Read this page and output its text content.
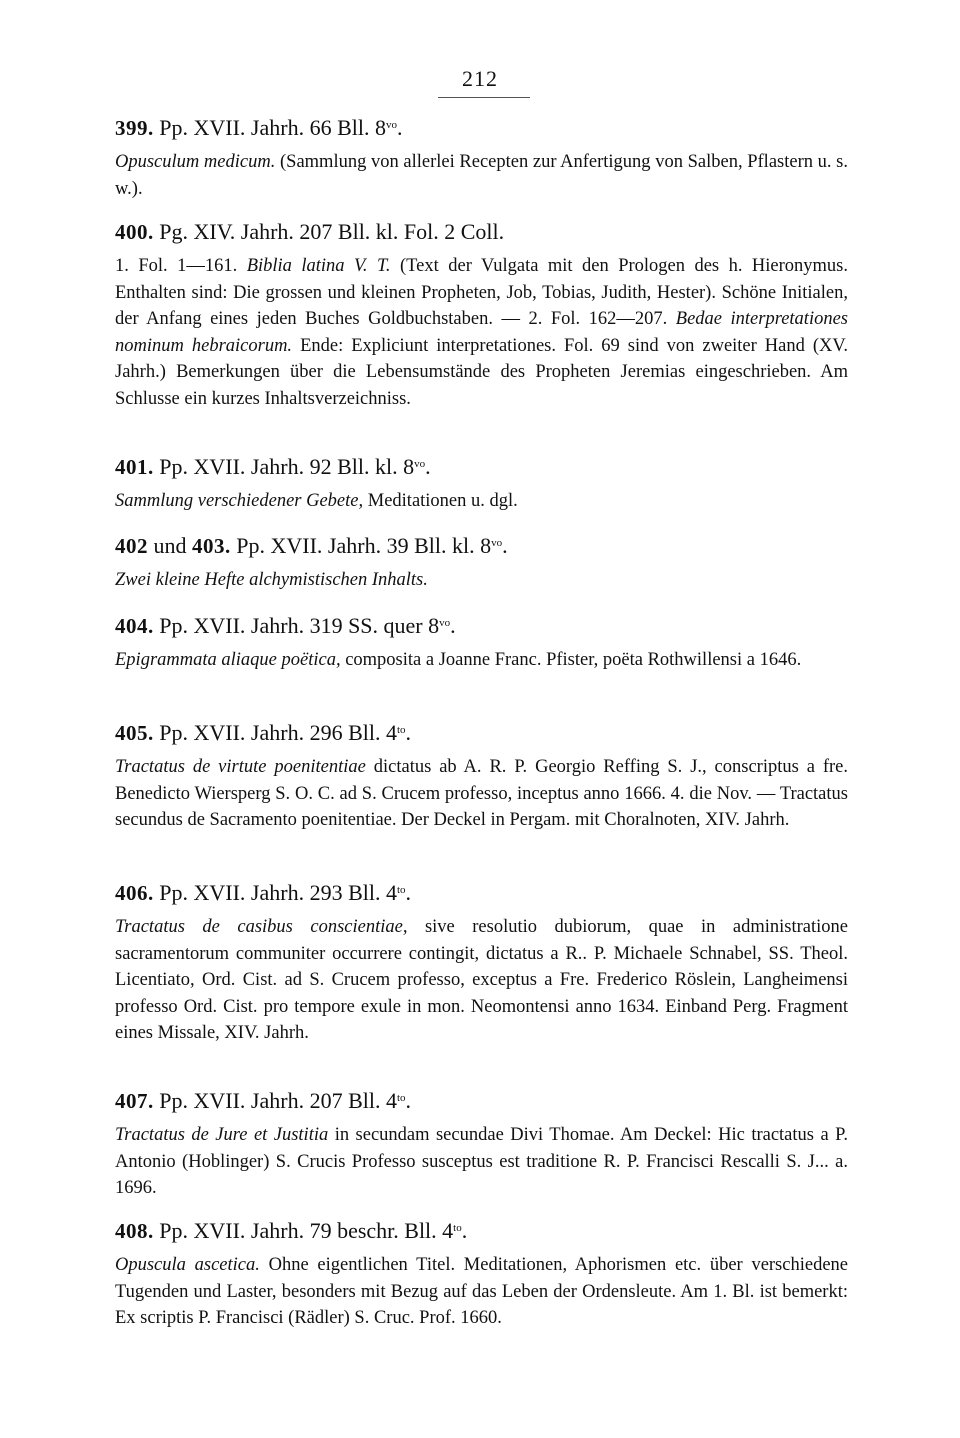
212
399. Pp. XVII. Jahrh. 66 Bll. $8^{vo}$.
Opusculum medicum. (Sammlung von allerlei Recepten zur Anfertigung von Salben, Pflastern u. s. w.).
400. Pg. XIV. Jahrh. 207 Bll. kl. Fol. 2 Coll.
1. Fol. 1—161. Biblia latina V. T. (Text der Vulgata mit den Prologen des h. Hieronymus. Enthalten sind: Die grossen und kleinen Propheten, Job, Tobias, Judith, Hester). Schöne Initialen, der Anfang eines jeden Buches Goldbuchstaben. — 2. Fol. 162—207. Bedae interpretationes nominum hebraicorum. Ende: Expliciunt interpretationes. Fol. 69 sind von zweiter Hand (XV. Jahrh.) Bemerkungen über die Lebensumstände des Propheten Jeremias eingeschrieben. Am Schlusse ein kurzes Inhaltsverzeichniss.
401. Pp. XVII. Jahrh. 92 Bll. kl. $8^{vo}$.
Sammlung verschiedener Gebete, Meditationen u. dgl.
402 und 403. Pp. XVII. Jahrh. 39 Bll. kl. $8^{vo}$.
Zwei kleine Hefte alchymistischen Inhalts.
404. Pp. XVII. Jahrh. 319 SS. quer $8^{vo}$.
Epigrammata aliaque poëtica, composita a Joanne Franc. Pfister, poëta Rothwillensi a 1646.
405. Pp. XVII. Jahrh. 296 Bll. $4^{to}$.
Tractatus de virtute poenitentiae dictatus ab A. R. P. Georgio Reffing S. J., conscriptus a fre. Benedicto Wiersperg S. O. C. ad S. Crucem professo, inceptus anno 1666. 4. die Nov. — Tractatus secundus de Sacramento poenitentiae. Der Deckel in Pergam. mit Choralnoten, XIV. Jahrh.
406. Pp. XVII. Jahrh. 293 Bll. $4^{to}$.
Tractatus de casibus conscientiae, sive resolutio dubiorum, quae in administratione sacramentorum communiter occurrere contingit, dictatus a R.. P. Michaele Schnabel, SS. Theol. Licentiato, Ord. Cist. ad S. Crucem professo, exceptus a Fre. Frederico Röslein, Langheimensi professo Ord. Cist. pro tempore exule in mon. Neomontensi anno 1634. Einband Perg. Fragment eines Missale, XIV. Jahrh.
407. Pp. XVII. Jahrh. 207 Bll. $4^{to}$.
Tractatus de Jure et Justitia in secundam secundae Divi Thomae. Am Deckel: Hic tractatus a P. Antonio (Hoblinger) S. Crucis Professo susceptus est traditione R. P. Francisci Rescalli S. J... a. 1696.
408. Pp. XVII. Jahrh. 79 beschr. Bll. $4^{to}$.
Opuscula ascetica. Ohne eigentlichen Titel. Meditationen, Aphorismen etc. über verschiedene Tugenden und Laster, besonders mit Bezug auf das Leben der Ordensleute. Am 1. Bl. ist bemerkt: Ex scriptis P. Francisci (Rädler) S. Cruc. Prof. 1660.
